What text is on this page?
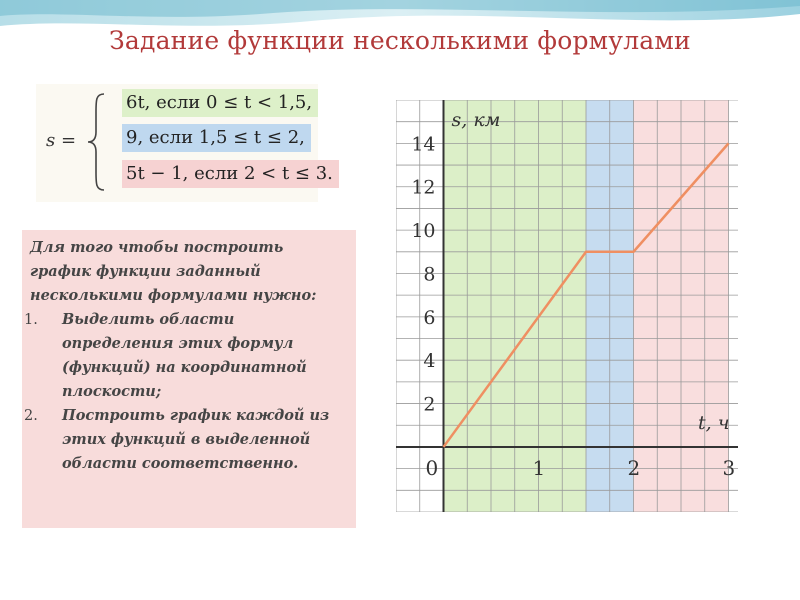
Задание функции несколькими формулами
s =
6t, если 0 ≤ t < 1,5,
9, если 1,5 ≤ t ≤ 2,
5t − 1, если 2 < t ≤ 3.
Для того чтобы построить график функции заданный несколькими формулами нужно:
1. Выделить области определения этих формул (функций) на координатной плоскости;
2. Построить график каждой из этих функций в выделенной области соответственно.	0	1	2	3
2
4
6
8
10
12
14
s, км
t, ч
